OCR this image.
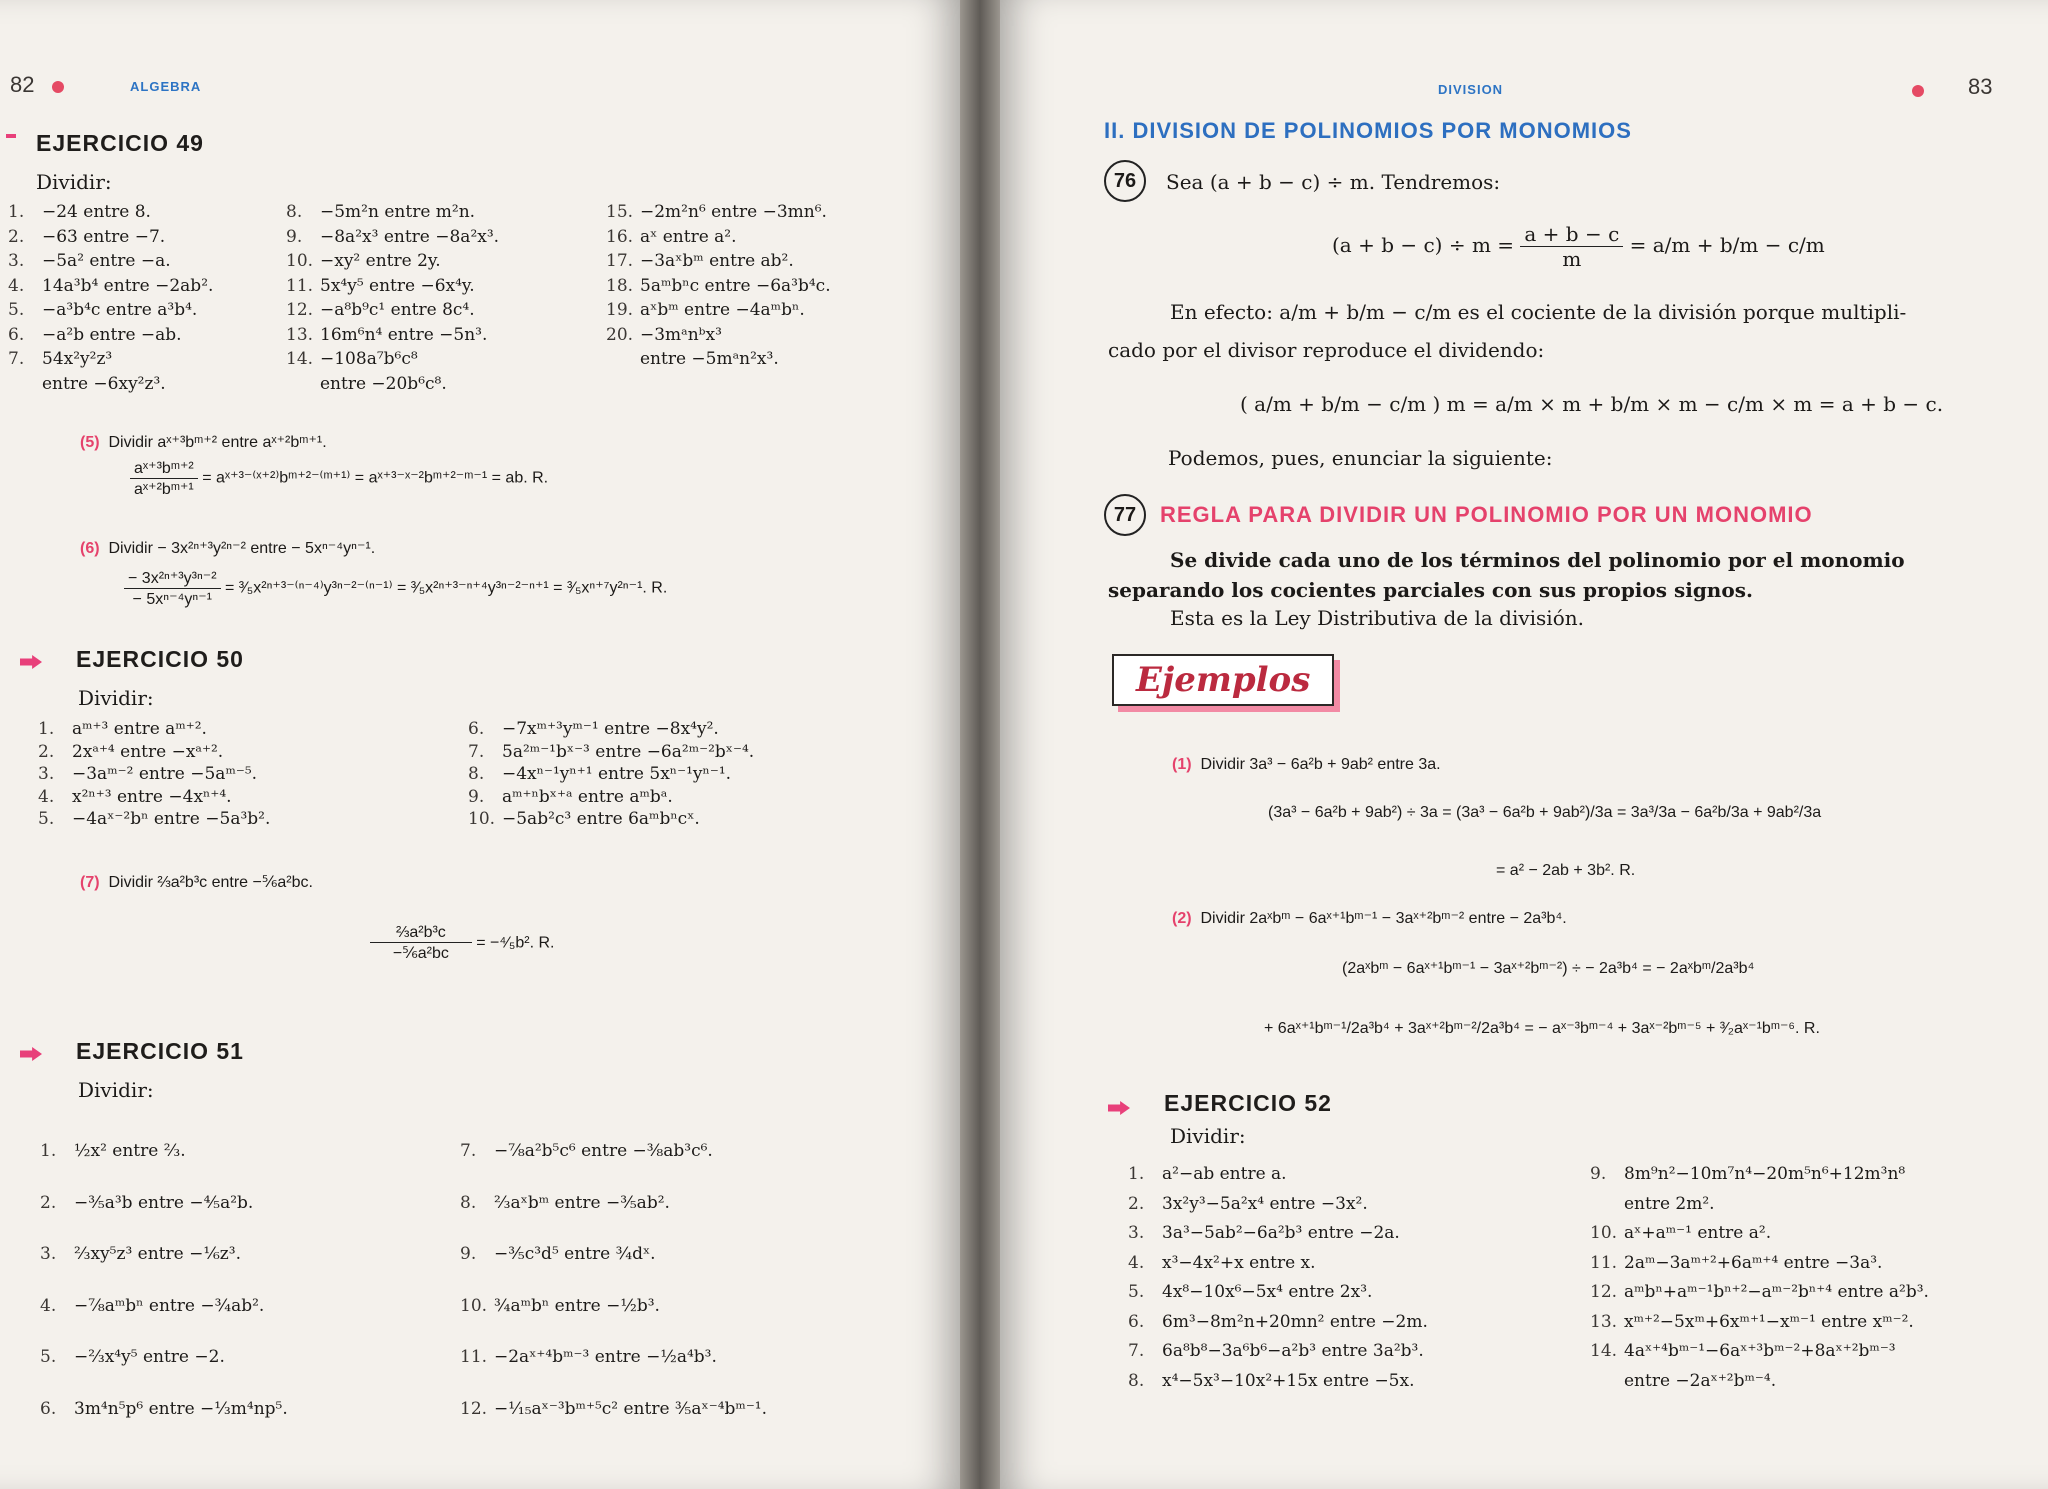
82	ALGEBRA
EJERCICIO 49
Dividir:
1. −24 entre 8.
2. −63 entre −7.
3. −5a² entre −a.
4. 14a³b⁴ entre −2ab².
5. −a³b⁴c entre a³b⁴.
6. −a²b entre −ab.
7. 54x²y²z³
entre −6xy²z³.
8. −5m²n entre m²n.
9. −8a²x³ entre −8a²x³.
10. −xy² entre 2y.
11. 5x⁴y⁵ entre −6x⁴y.
12. −a⁸b⁹c¹ entre 8c⁴.
13. 16m⁶n⁴ entre −5n³.
14. −108a⁷b⁶c⁸
entre −20b⁶c⁸.
15. −2m²n⁶ entre −3mn⁶.
16. aˣ entre a².
17. −3aˣbᵐ entre ab².
18. 5aᵐbⁿc entre −6a³b⁴c.
19. aˣbᵐ entre −4aᵐbⁿ.
20. −3mᵃnᵇx³
entre −5mᵃn²x³.
(5) Dividir aˣ⁺³bᵐ⁺² entre aˣ⁺²bᵐ⁺¹.
$\frac{\text{aˣ⁺³bᵐ⁺²}}{\text{aˣ⁺²bᵐ⁺¹}}$ = aˣ⁺³⁻⁽ˣ⁺²⁾bᵐ⁺²⁻⁽ᵐ⁺¹⁾ = aˣ⁺³⁻ˣ⁻²bᵐ⁺²⁻ᵐ⁻¹ = ab. R.
(6) Dividir − 3x²ⁿ⁺³y²ⁿ⁻² entre − 5xⁿ⁻⁴yⁿ⁻¹.
$\frac{\text{− 3x²ⁿ⁺³y³ⁿ⁻²}}{\text{− 5xⁿ⁻⁴yⁿ⁻¹}}$ = ³⁄₅x²ⁿ⁺³⁻⁽ⁿ⁻⁴⁾y³ⁿ⁻²⁻⁽ⁿ⁻¹⁾ = ³⁄₅x²ⁿ⁺³⁻ⁿ⁺⁴y³ⁿ⁻²⁻ⁿ⁺¹ = ³⁄₅xⁿ⁺⁷y²ⁿ⁻¹. R.
EJERCICIO 50
Dividir:
1. aᵐ⁺³ entre aᵐ⁺².
2. 2xᵃ⁺⁴ entre −xᵃ⁺².
3. −3aᵐ⁻² entre −5aᵐ⁻⁵.
4. x²ⁿ⁺³ entre −4xⁿ⁺⁴.
5. −4aˣ⁻²bⁿ entre −5a³b².
6. −7xᵐ⁺³yᵐ⁻¹ entre −8x⁴y².
7. 5a²ᵐ⁻¹bˣ⁻³ entre −6a²ᵐ⁻²bˣ⁻⁴.
8. −4xⁿ⁻¹yⁿ⁺¹ entre 5xⁿ⁻¹yⁿ⁻¹.
9. aᵐ⁺ⁿbˣ⁺ᵃ entre aᵐbᵃ.
10. −5ab²c³ entre 6aᵐbⁿcˣ.
(7) Dividir ⅔a²b³c entre −⅚a²bc.
$\frac{\text{⅔a²b³c}}{\text{−⅚a²bc}}$ = −⁴⁄₅b². R.
EJERCICIO 51
Dividir:
1. ½x² entre ⅔.
2. −⅗a³b entre −⁴⁄₅a²b.
3. ⅔xy⁵z³ entre −⅙z³.
4. −⅞aᵐbⁿ entre −¾ab².
5. −⅔x⁴y⁵ entre −2.
6. 3m⁴n⁵p⁶ entre −⅓m⁴np⁵.
7. −⅞a²b⁵c⁶ entre −⅜ab³c⁶.
8. ⅔aˣbᵐ entre −⅗ab².
9. −⅗c³d⁵ entre ¾dˣ.
10. ¾aᵐbⁿ entre −½b³.
11. −2aˣ⁺⁴bᵐ⁻³ entre −½a⁴b³.
12. −¹⁄₁₅aˣ⁻³bᵐ⁺⁵c² entre ⅗aˣ⁻⁴bᵐ⁻¹.
DIVISION	83
II. DIVISION DE POLINOMIOS POR MONOMIOS
76	Sea (a + b − c) ÷ m. Tendremos:
$(a + b - c) \div m = \frac{a + b - c}{m} = a/m + b/m - c/m$
En efecto: a/m + b/m − c/m es el cociente de la división porque multipli-
cado por el divisor reproduce el dividendo:
( a/m + b/m − c/m ) m = a/m × m + b/m × m − c/m × m = a + b − c.
Podemos, pues, enunciar la siguiente:
77	REGLA PARA DIVIDIR UN POLINOMIO POR UN MONOMIO
Se divide cada uno de los términos del polinomio por el monomio
separando los cocientes parciales con sus propios signos.
Esta es la Ley Distributiva de la división.
Ejemplos
(1) Dividir 3a³ − 6a²b + 9ab² entre 3a.
(3a³ − 6a²b + 9ab²) ÷ 3a = (3a³ − 6a²b + 9ab²)/3a = 3a³/3a − 6a²b/3a + 9ab²/3a
= a² − 2ab + 3b². R.
(2) Dividir 2aˣbᵐ − 6aˣ⁺¹bᵐ⁻¹ − 3aˣ⁺²bᵐ⁻² entre − 2a³b⁴.
(2aˣbᵐ − 6aˣ⁺¹bᵐ⁻¹ − 3aˣ⁺²bᵐ⁻²) ÷ − 2a³b⁴ = − 2aˣbᵐ/2a³b⁴
+ 6aˣ⁺¹bᵐ⁻¹/2a³b⁴ + 3aˣ⁺²bᵐ⁻²/2a³b⁴ = − aˣ⁻³bᵐ⁻⁴ + 3aˣ⁻²bᵐ⁻⁵ + ³⁄₂aˣ⁻¹bᵐ⁻⁶. R.
EJERCICIO 52
Dividir:
1. a²−ab entre a.
2. 3x²y³−5a²x⁴ entre −3x².
3. 3a³−5ab²−6a²b³ entre −2a.
4. x³−4x²+x entre x.
5. 4x⁸−10x⁶−5x⁴ entre 2x³.
6. 6m³−8m²n+20mn² entre −2m.
7. 6a⁸b⁸−3a⁶b⁶−a²b³ entre 3a²b³.
8. x⁴−5x³−10x²+15x entre −5x.
9. 8m⁹n²−10m⁷n⁴−20m⁵n⁶+12m³n⁸
entre 2m².
10. aˣ+aᵐ⁻¹ entre a².
11. 2aᵐ−3aᵐ⁺²+6aᵐ⁺⁴ entre −3a³.
12. aᵐbⁿ+aᵐ⁻¹bⁿ⁺²−aᵐ⁻²bⁿ⁺⁴ entre a²b³.
13. xᵐ⁺²−5xᵐ+6xᵐ⁺¹−xᵐ⁻¹ entre xᵐ⁻².
14. 4aˣ⁺⁴bᵐ⁻¹−6aˣ⁺³bᵐ⁻²+8aˣ⁺²bᵐ⁻³
entre −2aˣ⁺²bᵐ⁻⁴.
